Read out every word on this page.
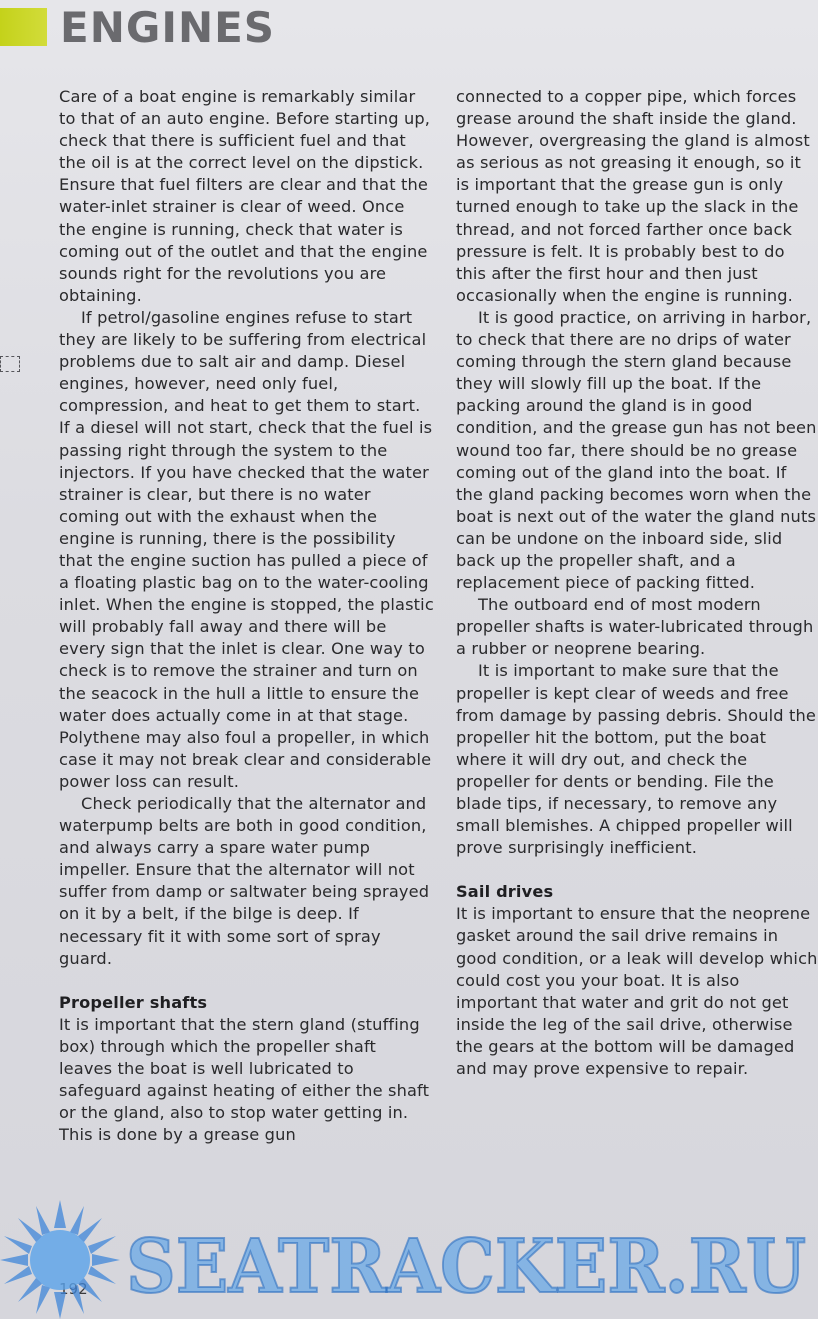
ENGINES

Care of a boat engine is remarkably similar to that of an auto engine. Before starting up, check that there is sufficient fuel and that the oil is at the correct level on the dipstick. Ensure that fuel filters are clear and that the water-inlet strainer is clear of weed. Once the engine is running, check that water is coming out of the outlet and that the engine sounds right for the revolutions you are obtaining.

If petrol/gasoline engines refuse to start they are likely to be suffering from electrical problems due to salt air and damp. Diesel engines, however, need only fuel, compression, and heat to get them to start. If a diesel will not start, check that the fuel is passing right through the system to the injectors. If you have checked that the water strainer is clear, but there is no water coming out with the exhaust when the engine is running, there is the possibility that the engine suction has pulled a piece of a floating plastic bag on to the water-cooling inlet. When the engine is stopped, the plastic will probably fall away and there will be every sign that the inlet is clear. One way to check is to remove the strainer and turn on the seacock in the hull a little to ensure the water does actually come in at that stage. Polythene may also foul a propeller, in which case it may not break clear and considerable power loss can result.

Check periodically that the alternator and waterpump belts are both in good condition, and always carry a spare water pump impeller. Ensure that the alternator will not suffer from damp or saltwater being sprayed on it by a belt, if the bilge is deep. If necessary fit it with some sort of spray guard.

Propeller shafts

It is important that the stern gland (stuffing box) through which the propeller shaft leaves the boat is well lubricated to safeguard against heating of either the shaft or the gland, also to stop water getting in. This is done by a grease gun

connected to a copper pipe, which forces grease around the shaft inside the gland. However, overgreasing the gland is almost as serious as not greasing it enough, so it is important that the grease gun is only turned enough to take up the slack in the thread, and not forced farther once back pressure is felt. It is probably best to do this after the first hour and then just occasionally when the engine is running.

It is good practice, on arriving in harbor, to check that there are no drips of water coming through the stern gland because they will slowly fill up the boat. If the packing around the gland is in good condition, and the grease gun has not been wound too far, there should be no grease coming out of the gland into the boat. If the gland packing becomes worn when the boat is next out of the water the gland nuts can be undone on the inboard side, slid back up the propeller shaft, and a replacement piece of packing fitted.

The outboard end of most modern propeller shafts is water-lubricated through a rubber or neoprene bearing.

It is important to make sure that the propeller is kept clear of weeds and free from damage by passing debris. Should the propeller hit the bottom, put the boat where it will dry out, and check the propeller for dents or bending. File the blade tips, if necessary, to remove any small blemishes. A chipped propeller will prove surprisingly inefficient.

Sail drives

It is important to ensure that the neoprene gasket around the sail drive remains in good condition, or a leak will develop which could cost you your boat. It is also important that water and grit do not get inside the leg of the sail drive, otherwise the gears at the bottom will be damaged and may prove expensive to repair.

SEATRACKER.RU
